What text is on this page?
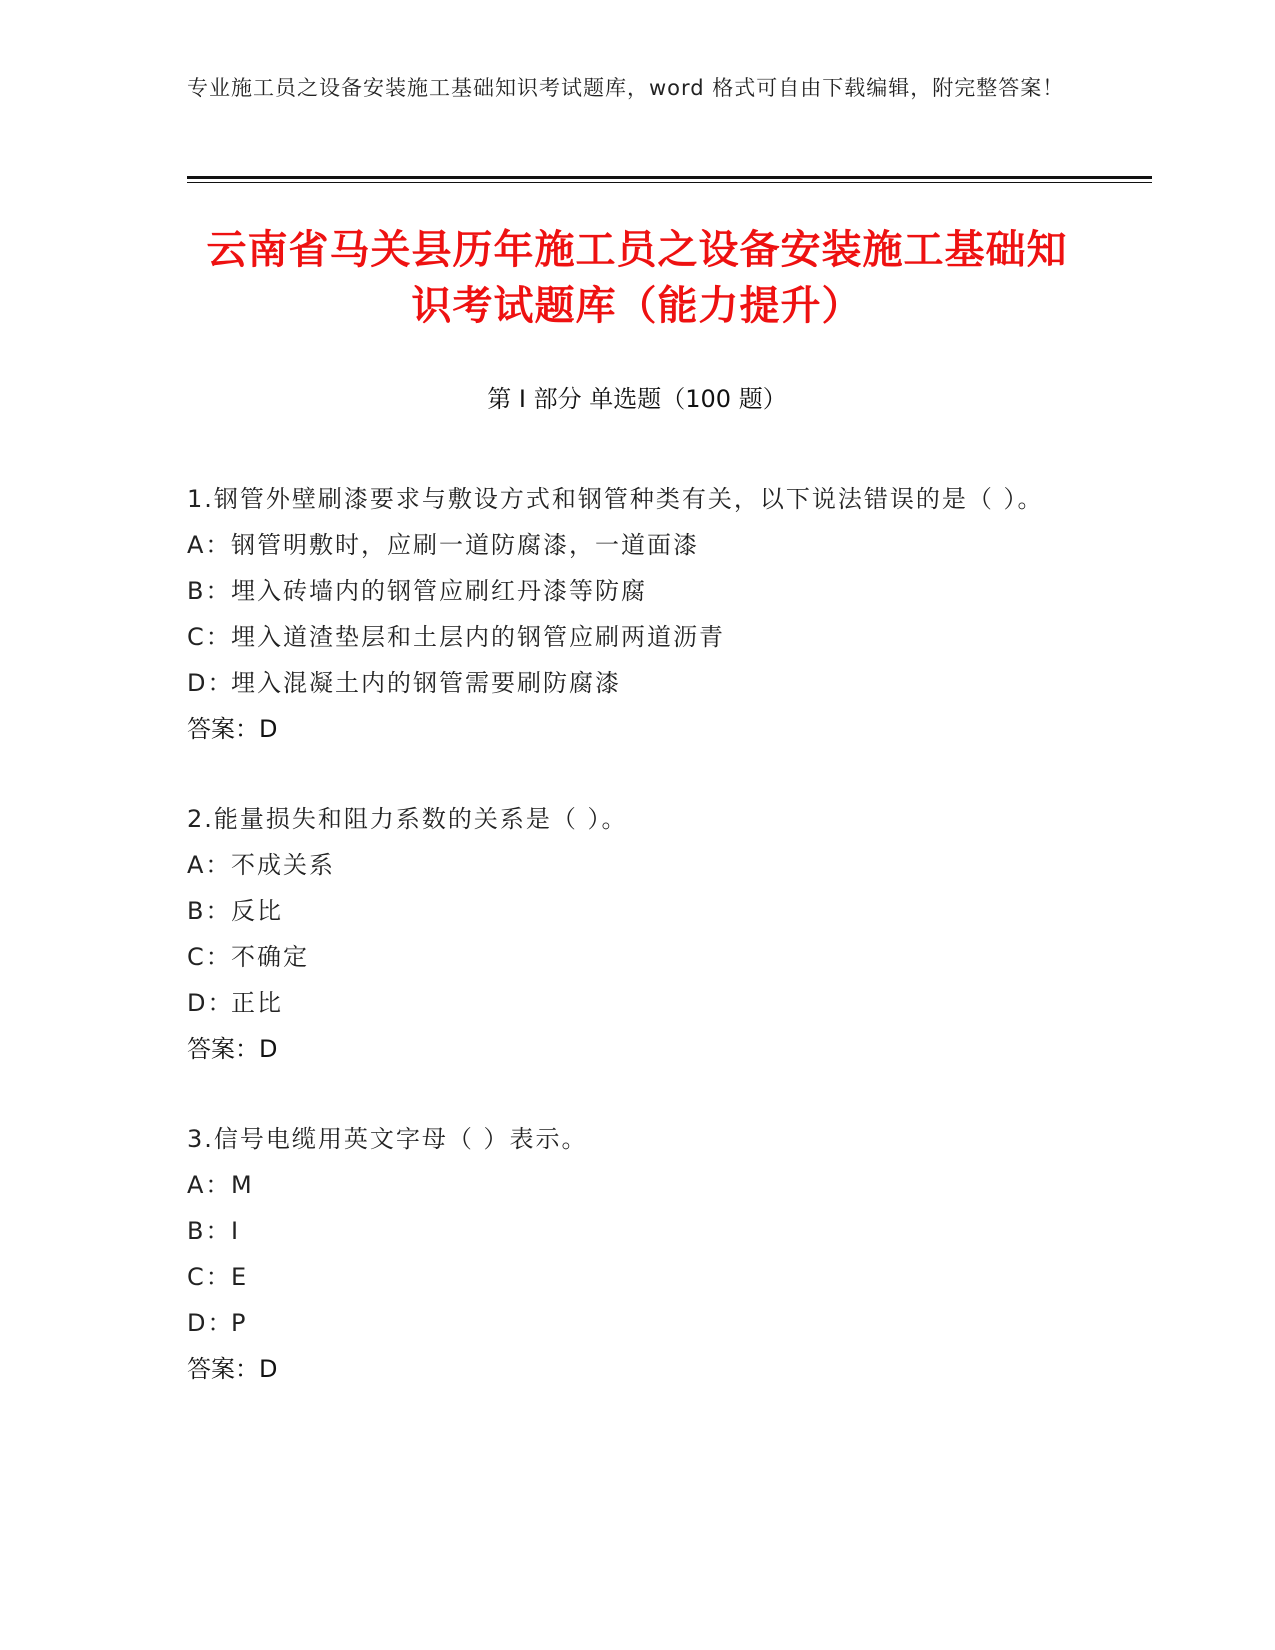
专业施工员之设备安装施工基础知识考试题库，word 格式可自由下载编辑，附完整答案！
云南省马关县历年施工员之设备安装施工基础知识考试题库（能力提升）
第 I 部分 单选题（100 题）
1.钢管外壁刷漆要求与敷设方式和钢管种类有关，以下说法错误的是（ ）。
A：钢管明敷时，应刷一道防腐漆，一道面漆
B：埋入砖墙内的钢管应刷红丹漆等防腐
C：埋入道渣垫层和土层内的钢管应刷两道沥青
D：埋入混凝土内的钢管需要刷防腐漆
答案：D
2.能量损失和阻力系数的关系是（ ）。
A：不成关系
B：反比
C：不确定
D：正比
答案：D
3.信号电缆用英文字母（ ）表示。
A：M
B：I
C：E
D：P
答案：D
